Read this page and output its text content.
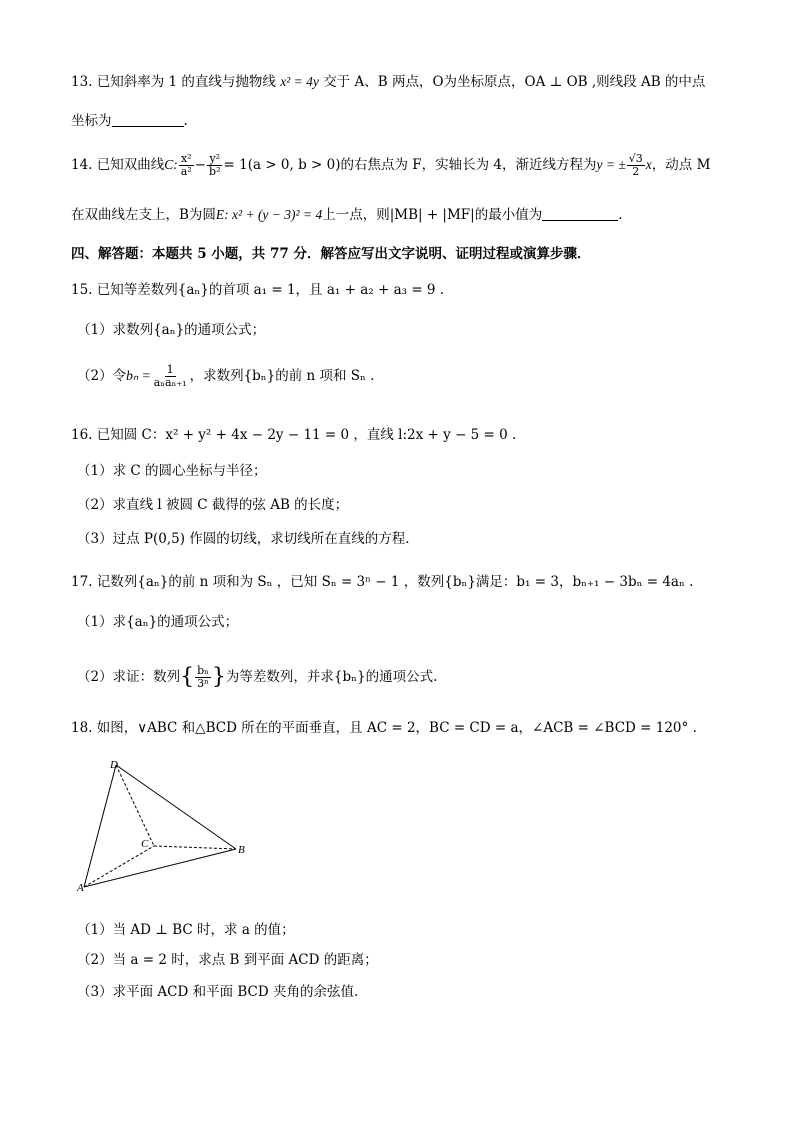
13. 已知斜率为 1 的直线与抛物线 x² = 4y 交于 A、B 两点，O为坐标原点，OA ⊥ OB ,则线段 AB 的中点
坐标为	.
14. 已知双曲线C: $\frac{\text{x²}}{\text{a²}} - \frac{\text{y²}}{\text{b²}} = 1(a > 0$, b > 0)的右焦点为 F，实轴长为 4，渐近线方程为y = ± $\frac{√3}{2}$ x，动点 M
在双曲线左支上，B为圆E: x² + (y − 3)² = 4上一点，则|MB| + |MF|的最小值为	.
四、解答题：本题共 5 小题，共 77 分．解答应写出文字说明、证明过程或演算步骤．
15. 已知等差数列{aₙ}的首项 a₁ = 1，且 a₁ + a₂ + a₃ = 9 .
（1）求数列{aₙ}的通项公式；
（2）令$b_n = \frac{1}{\text{aₙaₙ₊₁}}$ ，求数列{bₙ}的前 n 项和 Sₙ .
16. 已知圆 C：x² + y² + 4x − 2y − 11 = 0 ，直线 l:2x + y − 5 = 0 .
（1）求 C 的圆心坐标与半径；
（2）求直线 l 被圆 C 截得的弦 AB 的长度；
（3）过点 P(0,5) 作圆的切线，求切线所在直线的方程.
17. 记数列{aₙ}的前 n 项和为 Sₙ ，已知 Sₙ = 3ⁿ − 1 ，数列{bₙ}满足：b₁ = 3，bₙ₊₁ − 3bₙ = 4aₙ .
（1）求{aₙ}的通项公式；
（2）求证：数列{ $\frac{\text{bₙ}}{\text{3ⁿ}}$ }为等差数列，并求{bₙ}的通项公式.
18. 如图，∨ABC 和△BCD 所在的平面垂直，且 AC = 2，BC = CD = a，∠ACB = ∠BCD = 120° .
D
C	B
A
（1）当 AD ⊥ BC 时，求 a 的值；
（2）当 a = 2 时，求点 B 到平面 ACD 的距离；
（3）求平面 ACD 和平面 BCD 夹角的余弦值.
